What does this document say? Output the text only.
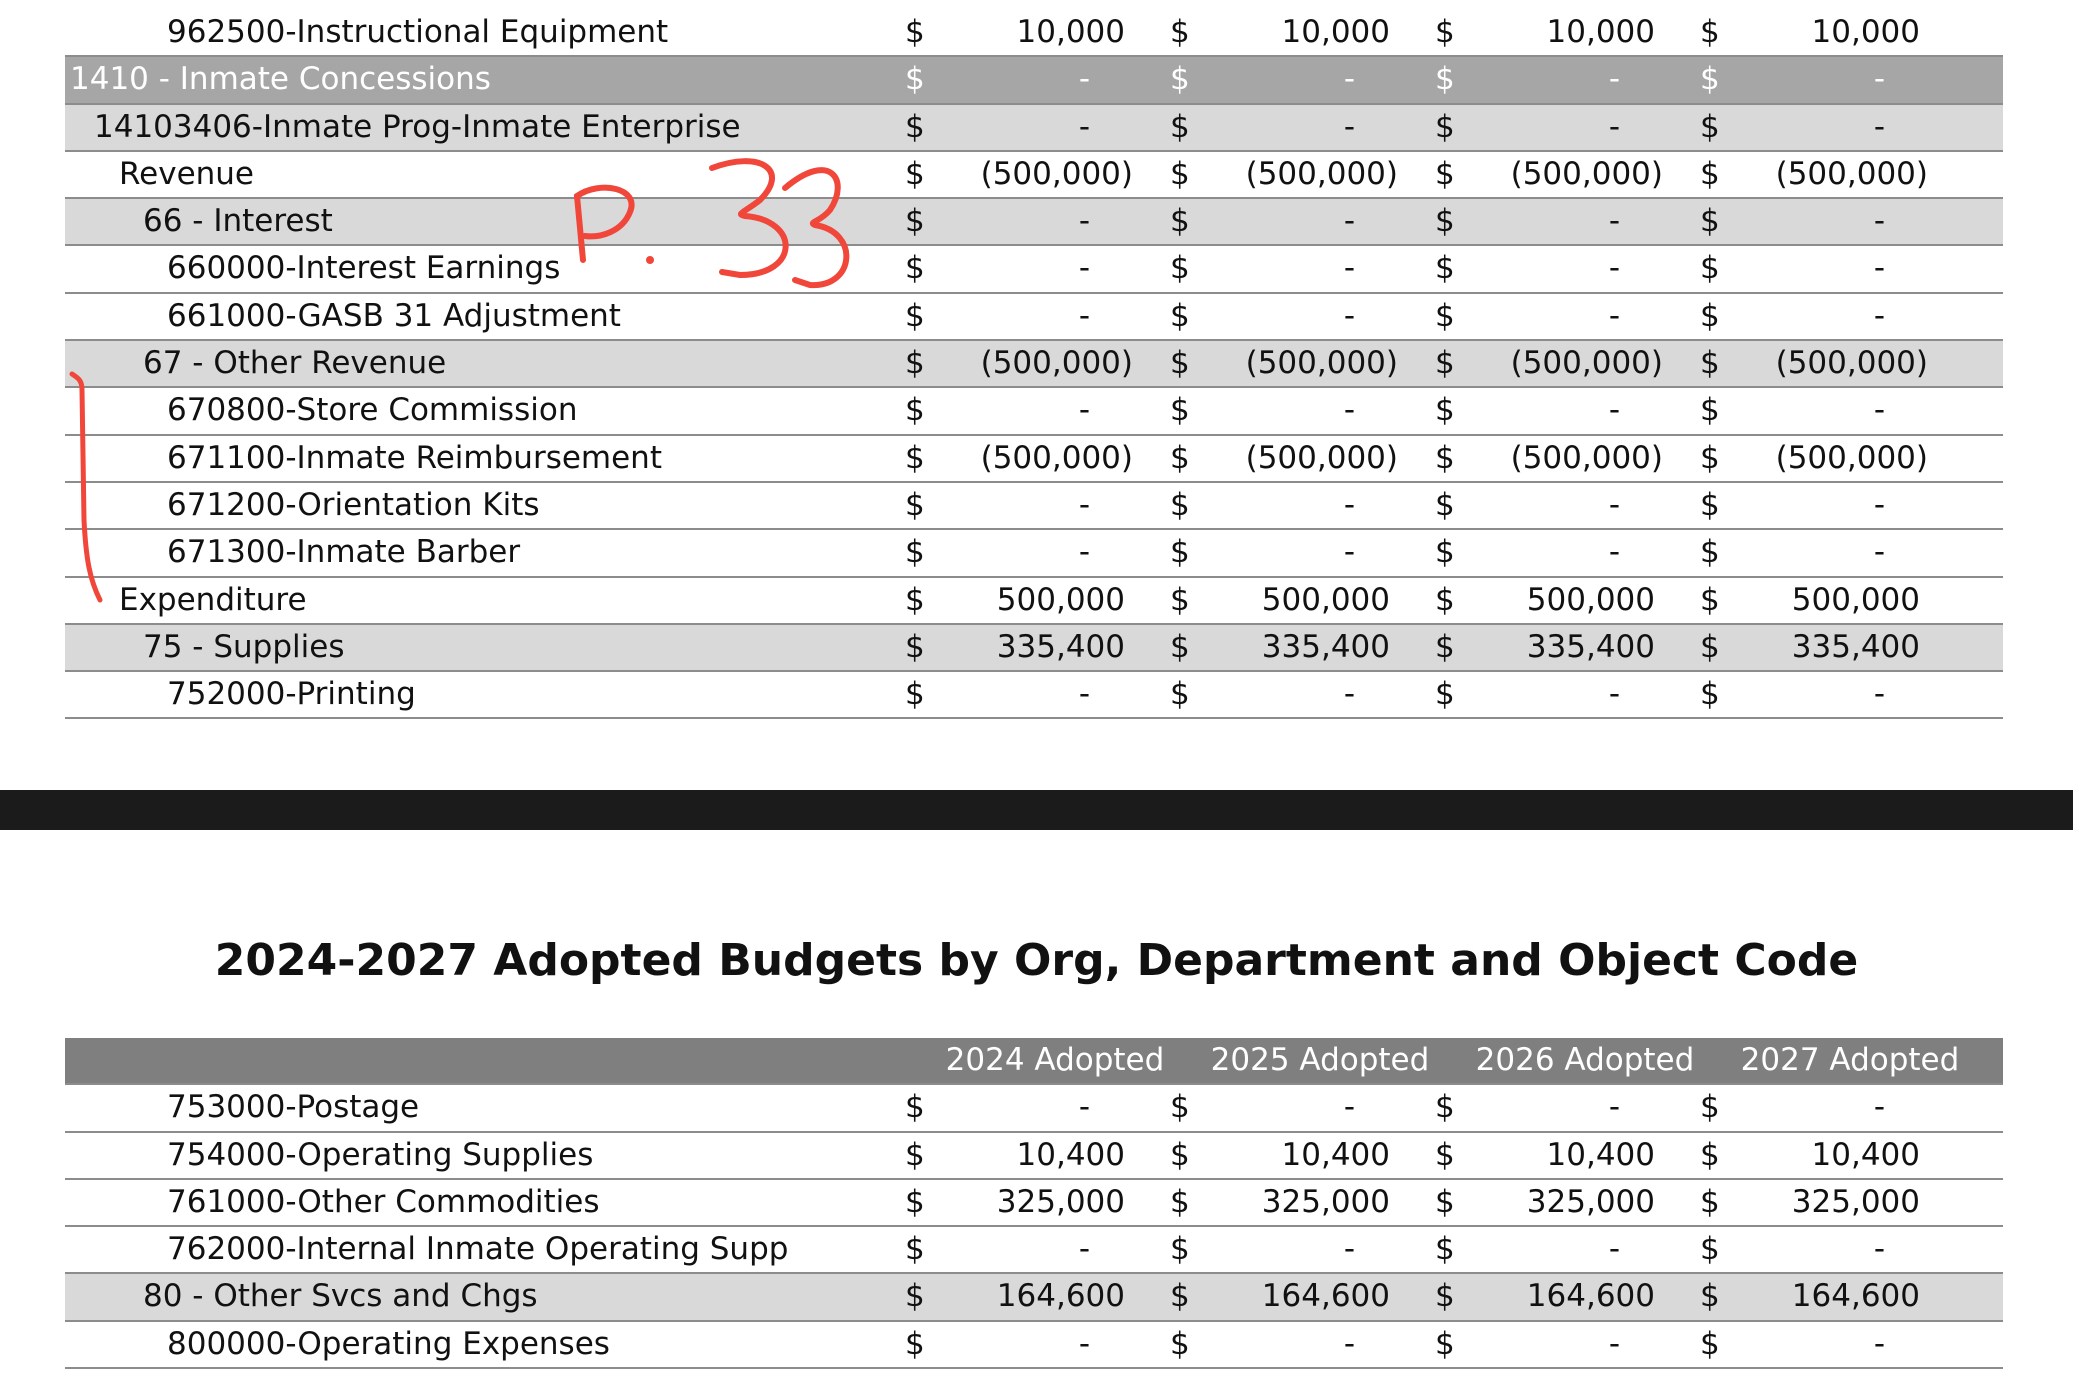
962500-Instructional Equipment	$	10,000 $	10,000 $	10,000 $	10,000
1410 - Inmate Concessions	$	-	$	-	$	-	$	-
14103406-Inmate Prog-Inmate Enterprise	$	-	$	-	$	-	$	-
Revenue	$	(500,000) $	(500,000) $	(500,000) $	(500,000)
66 - Interest	$	-	$	-	$	-	$	-
660000-Interest Earnings	$	-	$	-	$	-	$	-
661000-GASB 31 Adjustment	$	-	$	-	$	-	$	-
67 - Other Revenue	$	(500,000) $	(500,000) $	(500,000) $	(500,000)
670800-Store Commission	$	-	$	-	$	-	$	-
671100-Inmate Reimbursement	$	(500,000) $	(500,000) $	(500,000) $	(500,000)
671200-Orientation Kits	$	-	$	-	$	-	$	-
671300-Inmate Barber	$	-	$	-	$	-	$	-
Expenditure	$	500,000 $	500,000 $	500,000 $	500,000
75 - Supplies	$	335,400 $	335,400 $	335,400 $	335,400
752000-Printing	$	-	$	-	$	-	$	-
2024-2027 Adopted Budgets by Org, Department and Object Code
2024 Adopted	2025 Adopted	2026 Adopted	2027 Adopted
753000-Postage	$	-	$	-	$	-	$	-
754000-Operating Supplies	$	10,400 $	10,400 $	10,400 $	10,400
761000-Other Commodities	$	325,000 $	325,000 $	325,000 $	325,000
762000-Internal Inmate Operating Supp	$	-	$	-	$	-	$	-
80 - Other Svcs and Chgs	$	164,600 $	164,600 $	164,600 $	164,600
800000-Operating Expenses	$	-	$	-	$	-	$	-
